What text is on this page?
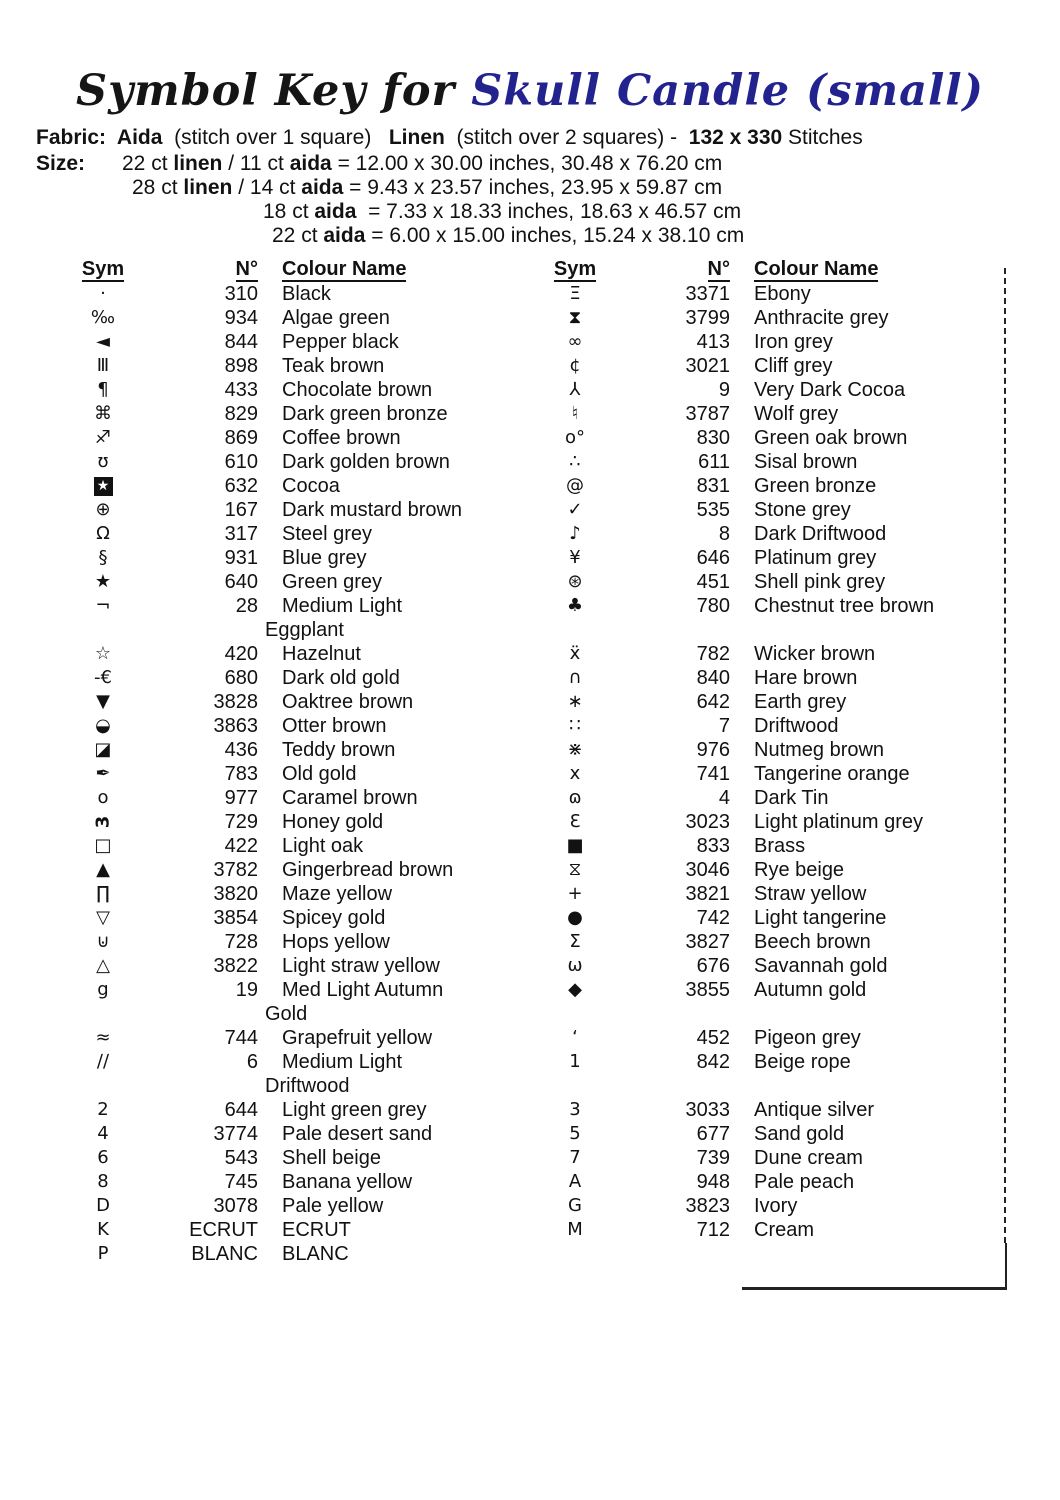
Symbol Key for Skull Candle (small)
Fabric:  Aida  (stitch over 1 square)   Linen  (stitch over 2 squares) -  132 x 330 Stitches
Size: 22 ct linen / 11 ct aida = 12.00 x 30.00 inches, 30.48 x 76.20 cm
28 ct linen / 14 ct aida = 9.43 x 23.57 inches, 23.95 x 59.87 cm
18 ct aida  = 7.33 x 18.33 inches, 18.63 x 46.57 cm
22 ct aida = 6.00 x 15.00 inches, 15.24 x 38.10 cm
Sym	N°	Colour Name	Sym	N°	Colour Name
·	310	Black	Ξ	3371	Ebony
‰	934	Algae green	⧗	3799	Anthracite grey
◄	844	Pepper black	∞	413	Iron grey
Ⅲ	898	Teak brown	¢	3021	Cliff grey
¶	433	Chocolate brown	⅄	9	Very Dark Cocoa
⌘	829	Dark green bronze	♮	3787	Wolf grey
♐	869	Coffee brown	o°	830	Green oak brown
ʊ	610	Dark golden brown	∴	611	Sisal brown
★	632	Cocoa	@	831	Green bronze
⊕	167	Dark mustard brown	✓	535	Stone grey
Ω	317	Steel grey	♪	8	Dark Driftwood
§	931	Blue grey	¥	646	Platinum grey
★	640	Green grey	⊛	451	Shell pink grey
¬	28	Medium Light	♣	780	Chestnut tree brown
		Eggplant			
☆	420	Hazelnut	ẍ	782	Wicker brown
-€	680	Dark old gold	∩	840	Hare brown
▼	3828	Oaktree brown	∗	642	Earth grey
◒	3863	Otter brown	∷	7	Driftwood
◪	436	Teddy brown	⋇	976	Nutmeg brown
✒	783	Old gold	x	741	Tangerine orange
o	977	Caramel brown	ɷ	4	Dark Tin
3	729	Honey gold	Ɛ	3023	Light platinum grey
□	422	Light oak	■	833	Brass
▲	3782	Gingerbread brown	⧖	3046	Rye beige
∏	3820	Maze yellow	+	3821	Straw yellow
▽	3854	Spicey gold	●	742	Light tangerine
⊍	728	Hops yellow	Σ	3827	Beech brown
△	3822	Light straw yellow	ω	676	Savannah gold
g	19	Med Light Autumn	◆	3855	Autumn gold
		Gold			
≈	744	Grapefruit yellow	‘	452	Pigeon grey
∕∕	6	Medium Light	1	842	Beige rope
		Driftwood			
2	644	Light green grey	3	3033	Antique silver
4	3774	Pale desert sand	5	677	Sand gold
6	543	Shell beige	7	739	Dune cream
8	745	Banana yellow	A	948	Pale peach
D	3078	Pale yellow	G	3823	Ivory
K	ECRUT	ECRUT	M	712	Cream
P	BLANC	BLANC			
